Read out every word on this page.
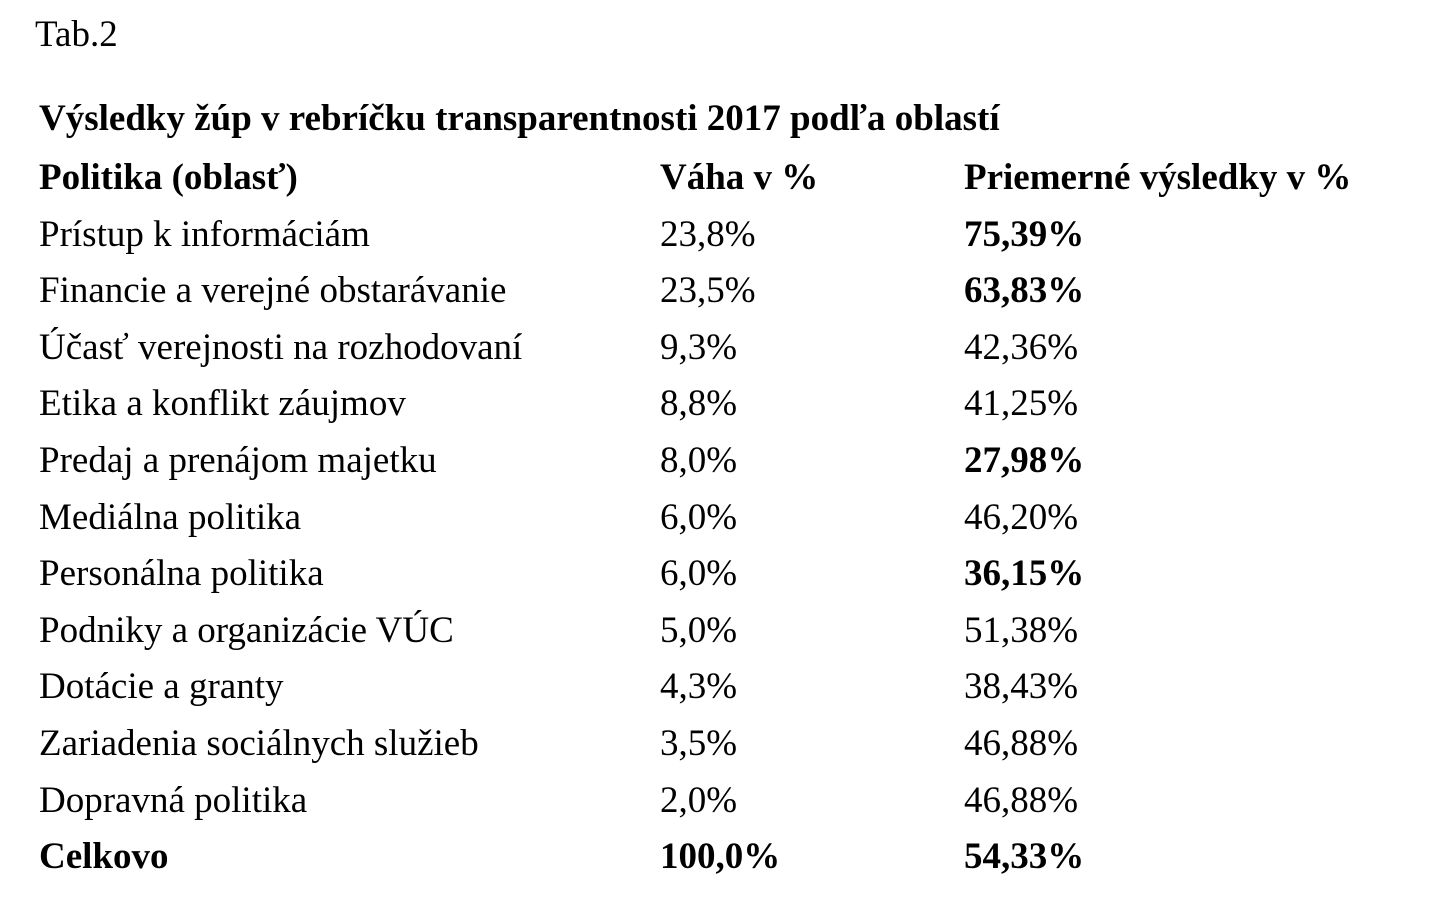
Tab.2
Výsledky žúp v rebríčku transparentnosti 2017 podľa oblastí
Politika (oblasť)	Váha v %	Priemerné výsledky v %
Prístup k informáciám	23,8%	75,39%
Financie a verejné obstarávanie	23,5%	63,83%
Účasť verejnosti na rozhodovaní	9,3%	42,36%
Etika a konflikt záujmov	8,8%	41,25%
Predaj a prenájom majetku	8,0%	27,98%
Mediálna politika	6,0%	46,20%
Personálna politika	6,0%	36,15%
Podniky a organizácie VÚC	5,0%	51,38%
Dotácie a granty	4,3%	38,43%
Zariadenia sociálnych služieb	3,5%	46,88%
Dopravná politika	2,0%	46,88%
Celkovo	100,0%	54,33%
